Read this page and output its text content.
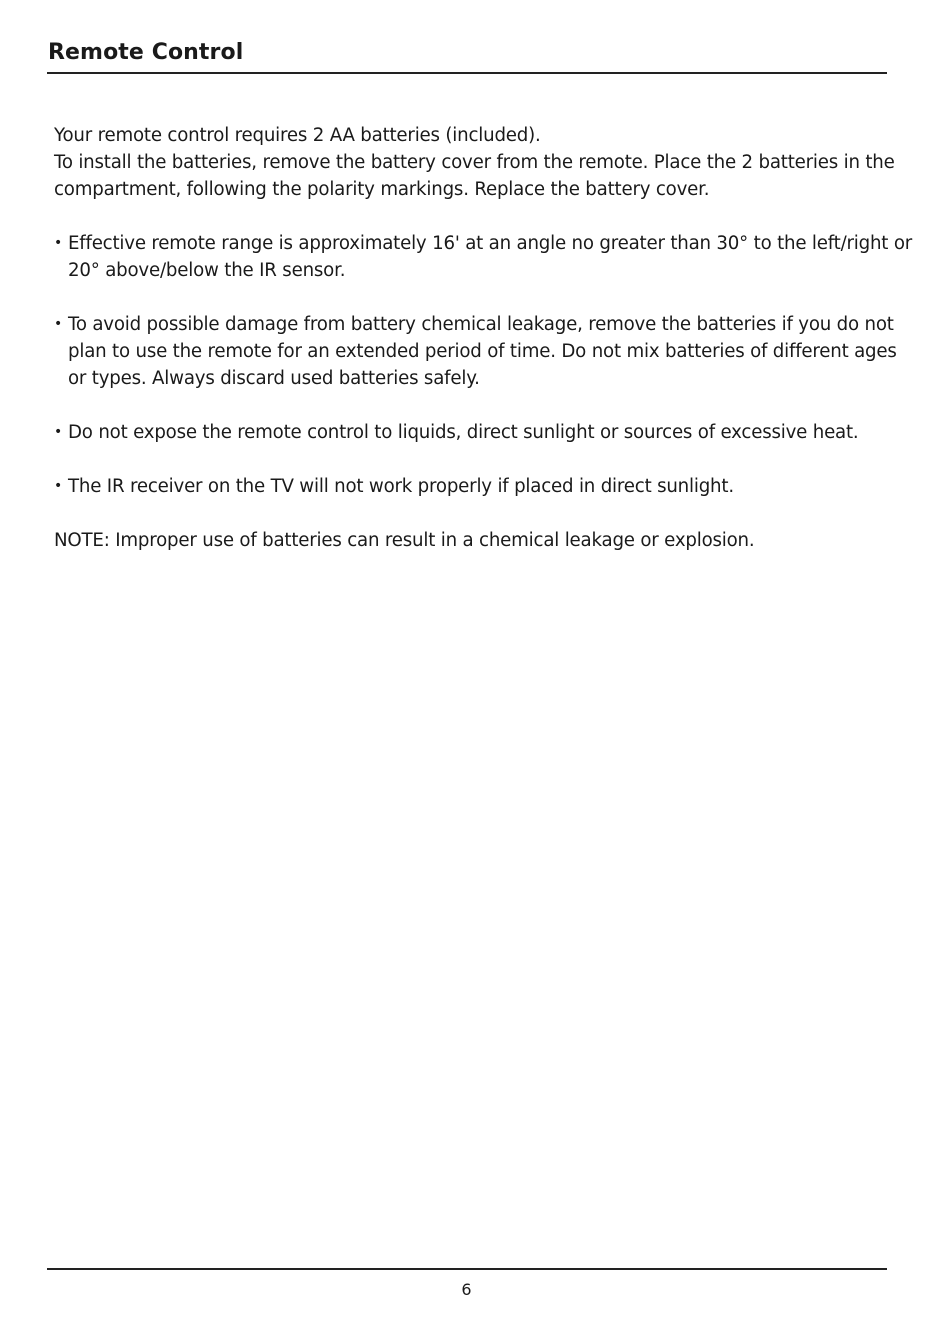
Remote Control

Your remote control requires 2 AA batteries (included).

To install the batteries, remove the battery cover from the remote. Place the 2 batteries in the compartment, following the polarity markings. Replace the battery cover.

• Effective remote range is approximately 16' at an angle no greater than 30° to the left/right or 20° above/below the IR sensor.
• To avoid possible damage from battery chemical leakage, remove the batteries if you do not plan to use the remote for an extended period of time. Do not mix batteries of different ages or types. Always discard used batteries safely.
• Do not expose the remote control to liquids, direct sunlight or sources of excessive heat.
• The IR receiver on the TV will not work properly if placed in direct sunlight.

NOTE: Improper use of batteries can result in a chemical leakage or explosion.

6
